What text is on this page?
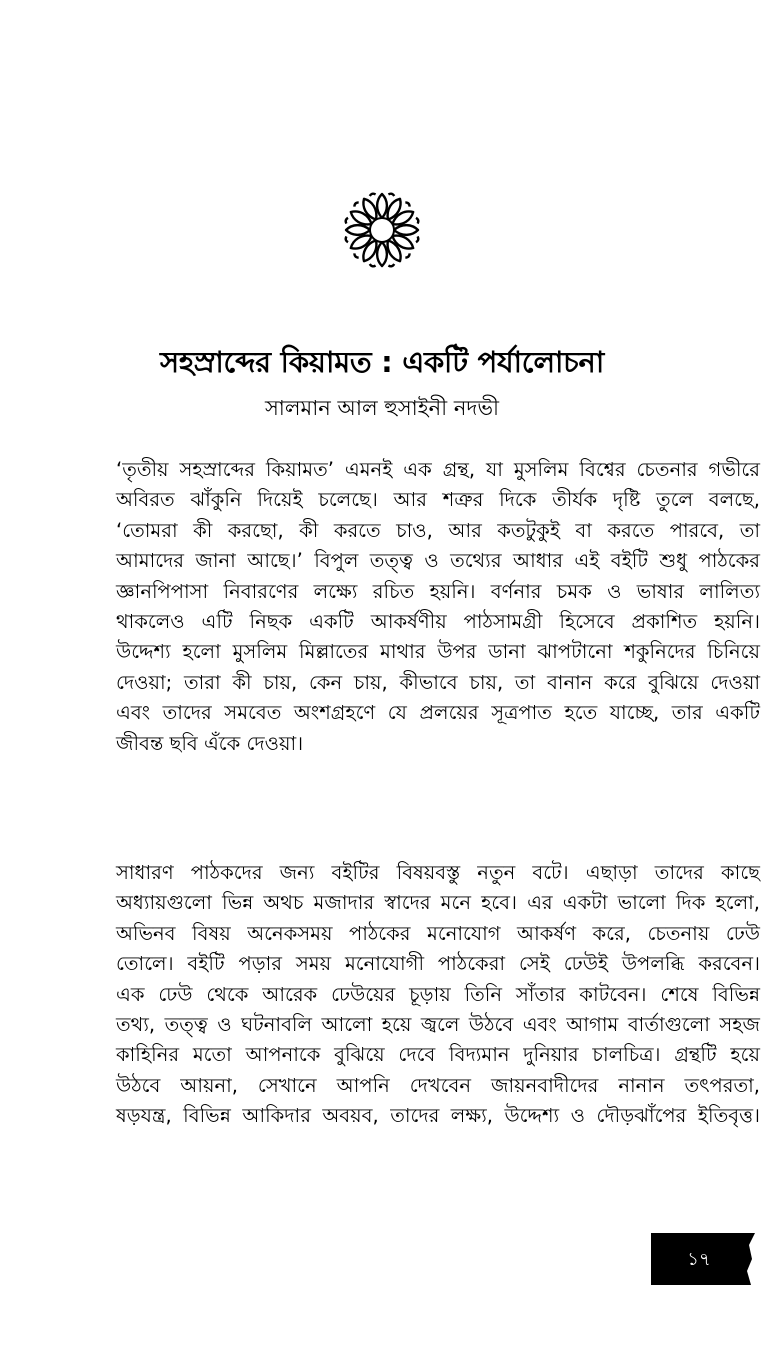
সহস্রাব্দের কিয়ামত : একটি পর্যালোচনা
সালমান আল হুসাইনী নদভী
‘তৃতীয় সহস্রাব্দের কিয়ামত’ এমনই এক গ্রন্থ, যা মুসলিম বিশ্বের চেতনার গভীরে
অবিরত ঝাঁকুনি দিয়েই চলেছে। আর শত্রুর দিকে তীর্যক দৃষ্টি তুলে বলছে,
‘তোমরা কী করছো, কী করতে চাও, আর কতটুকুই বা করতে পারবে, তা
আমাদের জানা আছে।’ বিপুল তত্ত্ব ও তথ্যের আধার এই বইটি শুধু পাঠকের
জ্ঞানপিপাসা নিবারণের লক্ষ্যে রচিত হয়নি। বর্ণনার চমক ও ভাষার লালিত্য
থাকলেও এটি নিছক একটি আকর্ষণীয় পাঠসামগ্রী হিসেবে প্রকাশিত হয়নি।
উদ্দেশ্য হলো মুসলিম মিল্লাতের মাথার উপর ডানা ঝাপটানো শকুনিদের চিনিয়ে
দেওয়া; তারা কী চায়, কেন চায়, কীভাবে চায়, তা বানান করে বুঝিয়ে দেওয়া
এবং তাদের সমবেত অংশগ্রহণে যে প্রলয়ের সূত্রপাত হতে যাচ্ছে, তার একটি
জীবন্ত ছবি এঁকে দেওয়া।
সাধারণ পাঠকদের জন্য বইটির বিষয়বস্তু নতুন বটে। এছাড়া তাদের কাছে
অধ্যায়গুলো ভিন্ন অথচ মজাদার স্বাদের মনে হবে। এর একটা ভালো দিক হলো,
অভিনব বিষয় অনেকসময় পাঠকের মনোযোগ আকর্ষণ করে, চেতনায় ঢেউ
তোলে। বইটি পড়ার সময় মনোযোগী পাঠকেরা সেই ঢেউই উপলব্ধি করবেন।
এক ঢেউ থেকে আরেক ঢেউয়ের চূড়ায় তিনি সাঁতার কাটবেন। শেষে বিভিন্ন
তথ্য, তত্ত্ব ও ঘটনাবলি আলো হয়ে জ্বলে উঠবে এবং আগাম বার্তাগুলো সহজ
কাহিনির মতো আপনাকে বুঝিয়ে দেবে বিদ্যমান দুনিয়ার চালচিত্র। গ্রন্থটি হয়ে
উঠবে আয়না, সেখানে আপনি দেখবেন জায়নবাদীদের নানান তৎপরতা,
ষড়যন্ত্র, বিভিন্ন আকিদার অবয়ব, তাদের লক্ষ্য, উদ্দেশ্য ও দৌড়ঝাঁপের ইতিবৃত্ত।
১৭
